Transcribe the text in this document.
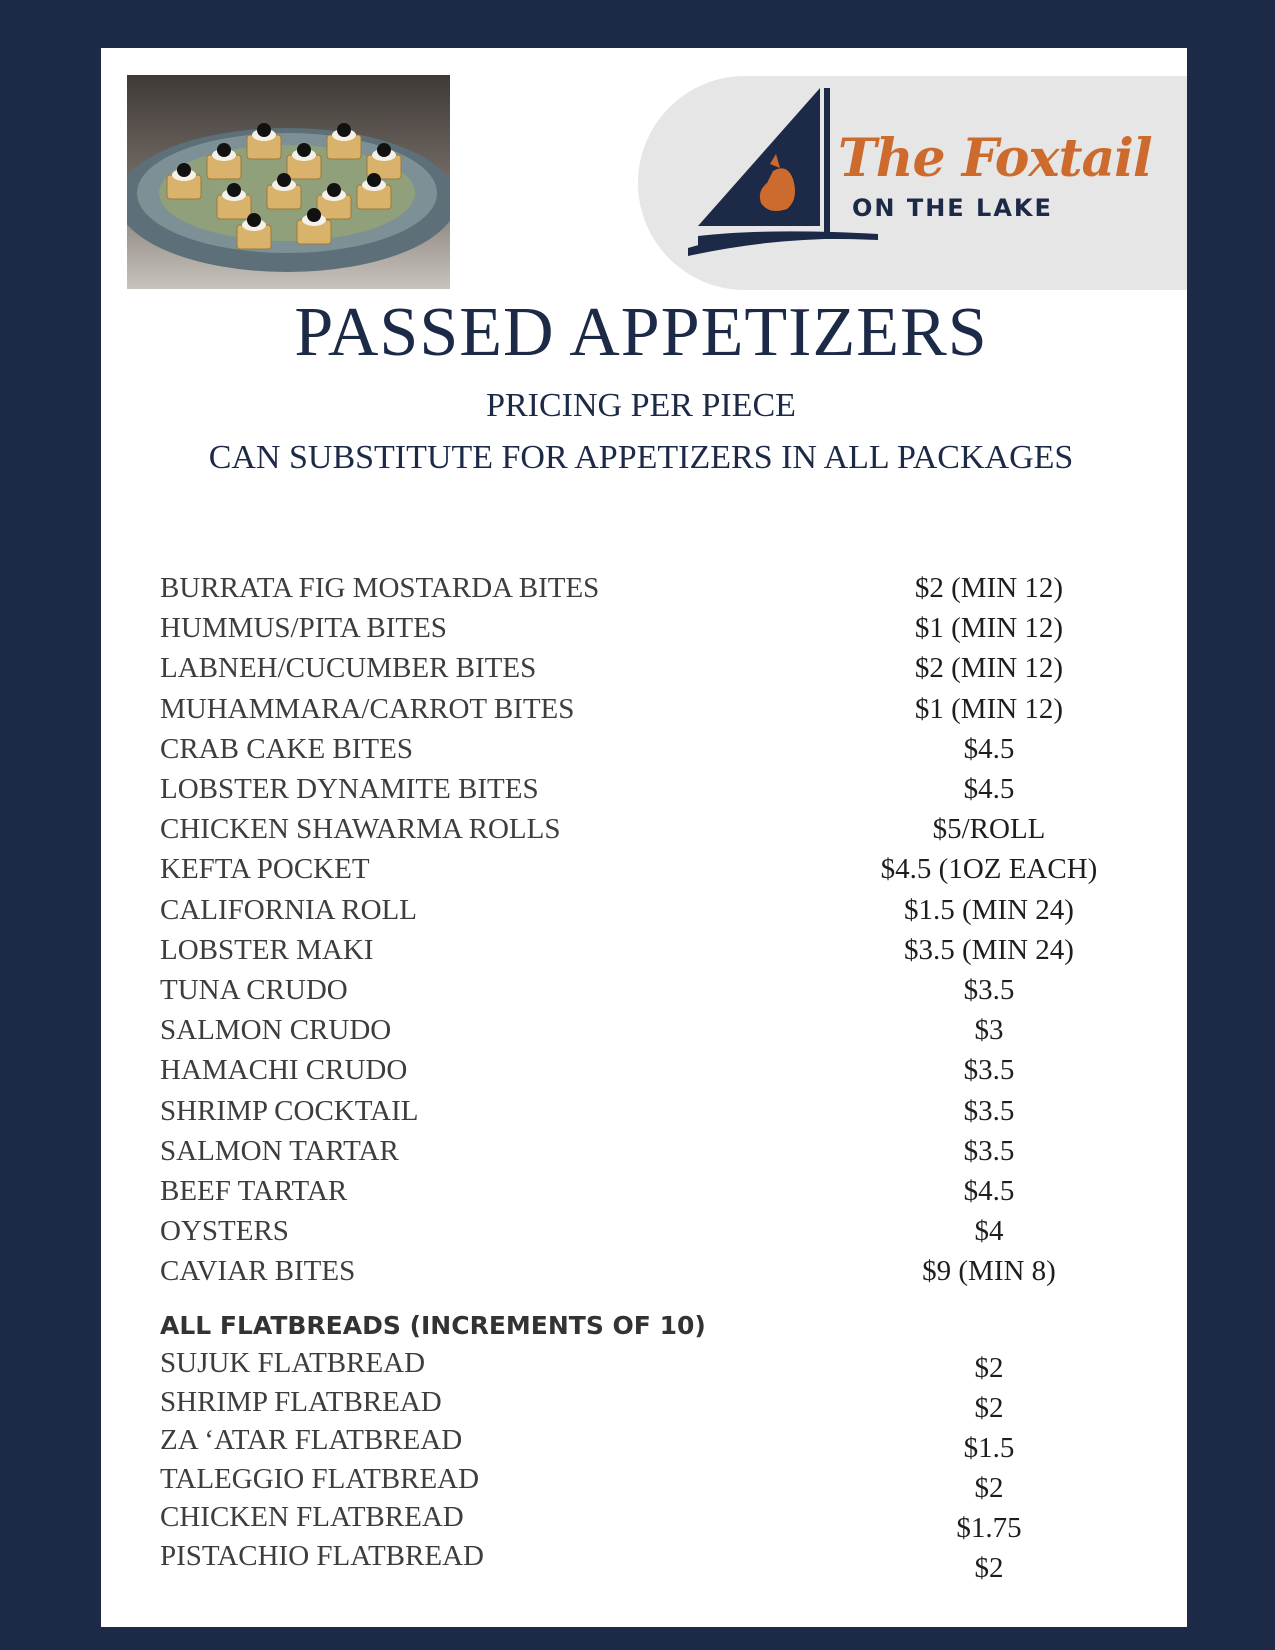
The Foxtail
ON THE LAKE
PASSED APPETIZERS
PRICING PER PIECE
CAN SUBSTITUTE FOR APPETIZERS IN ALL PACKAGES
ALL FLATBREADS (INCREMENTS OF 10)
BURRATA FIG MOSTARDA BITES	$2 (MIN 12)
HUMMUS/PITA BITES	$1 (MIN 12)
LABNEH/CUCUMBER BITES	$2 (MIN 12)
MUHAMMARA/CARROT BITES	$1 (MIN 12)
CRAB CAKE BITES	$4.5
LOBSTER DYNAMITE BITES	$4.5
CHICKEN SHAWARMA ROLLS	$5/ROLL
KEFTA POCKET	$4.5 (1OZ EACH)
CALIFORNIA ROLL	$1.5 (MIN 24)
LOBSTER MAKI	$3.5 (MIN 24)
TUNA CRUDO	$3.5
SALMON CRUDO	$3
HAMACHI CRUDO	$3.5
SHRIMP COCKTAIL	$3.5
SALMON TARTAR	$3.5
BEEF TARTAR	$4.5
OYSTERS	$4
CAVIAR BITES	$9 (MIN 8)
SUJUK FLATBREAD	$2
SHRIMP FLATBREAD	$2
ZA ‘ATAR FLATBREAD	$1.5
TALEGGIO FLATBREAD	$2
CHICKEN FLATBREAD	$1.75
PISTACHIO FLATBREAD	$2
